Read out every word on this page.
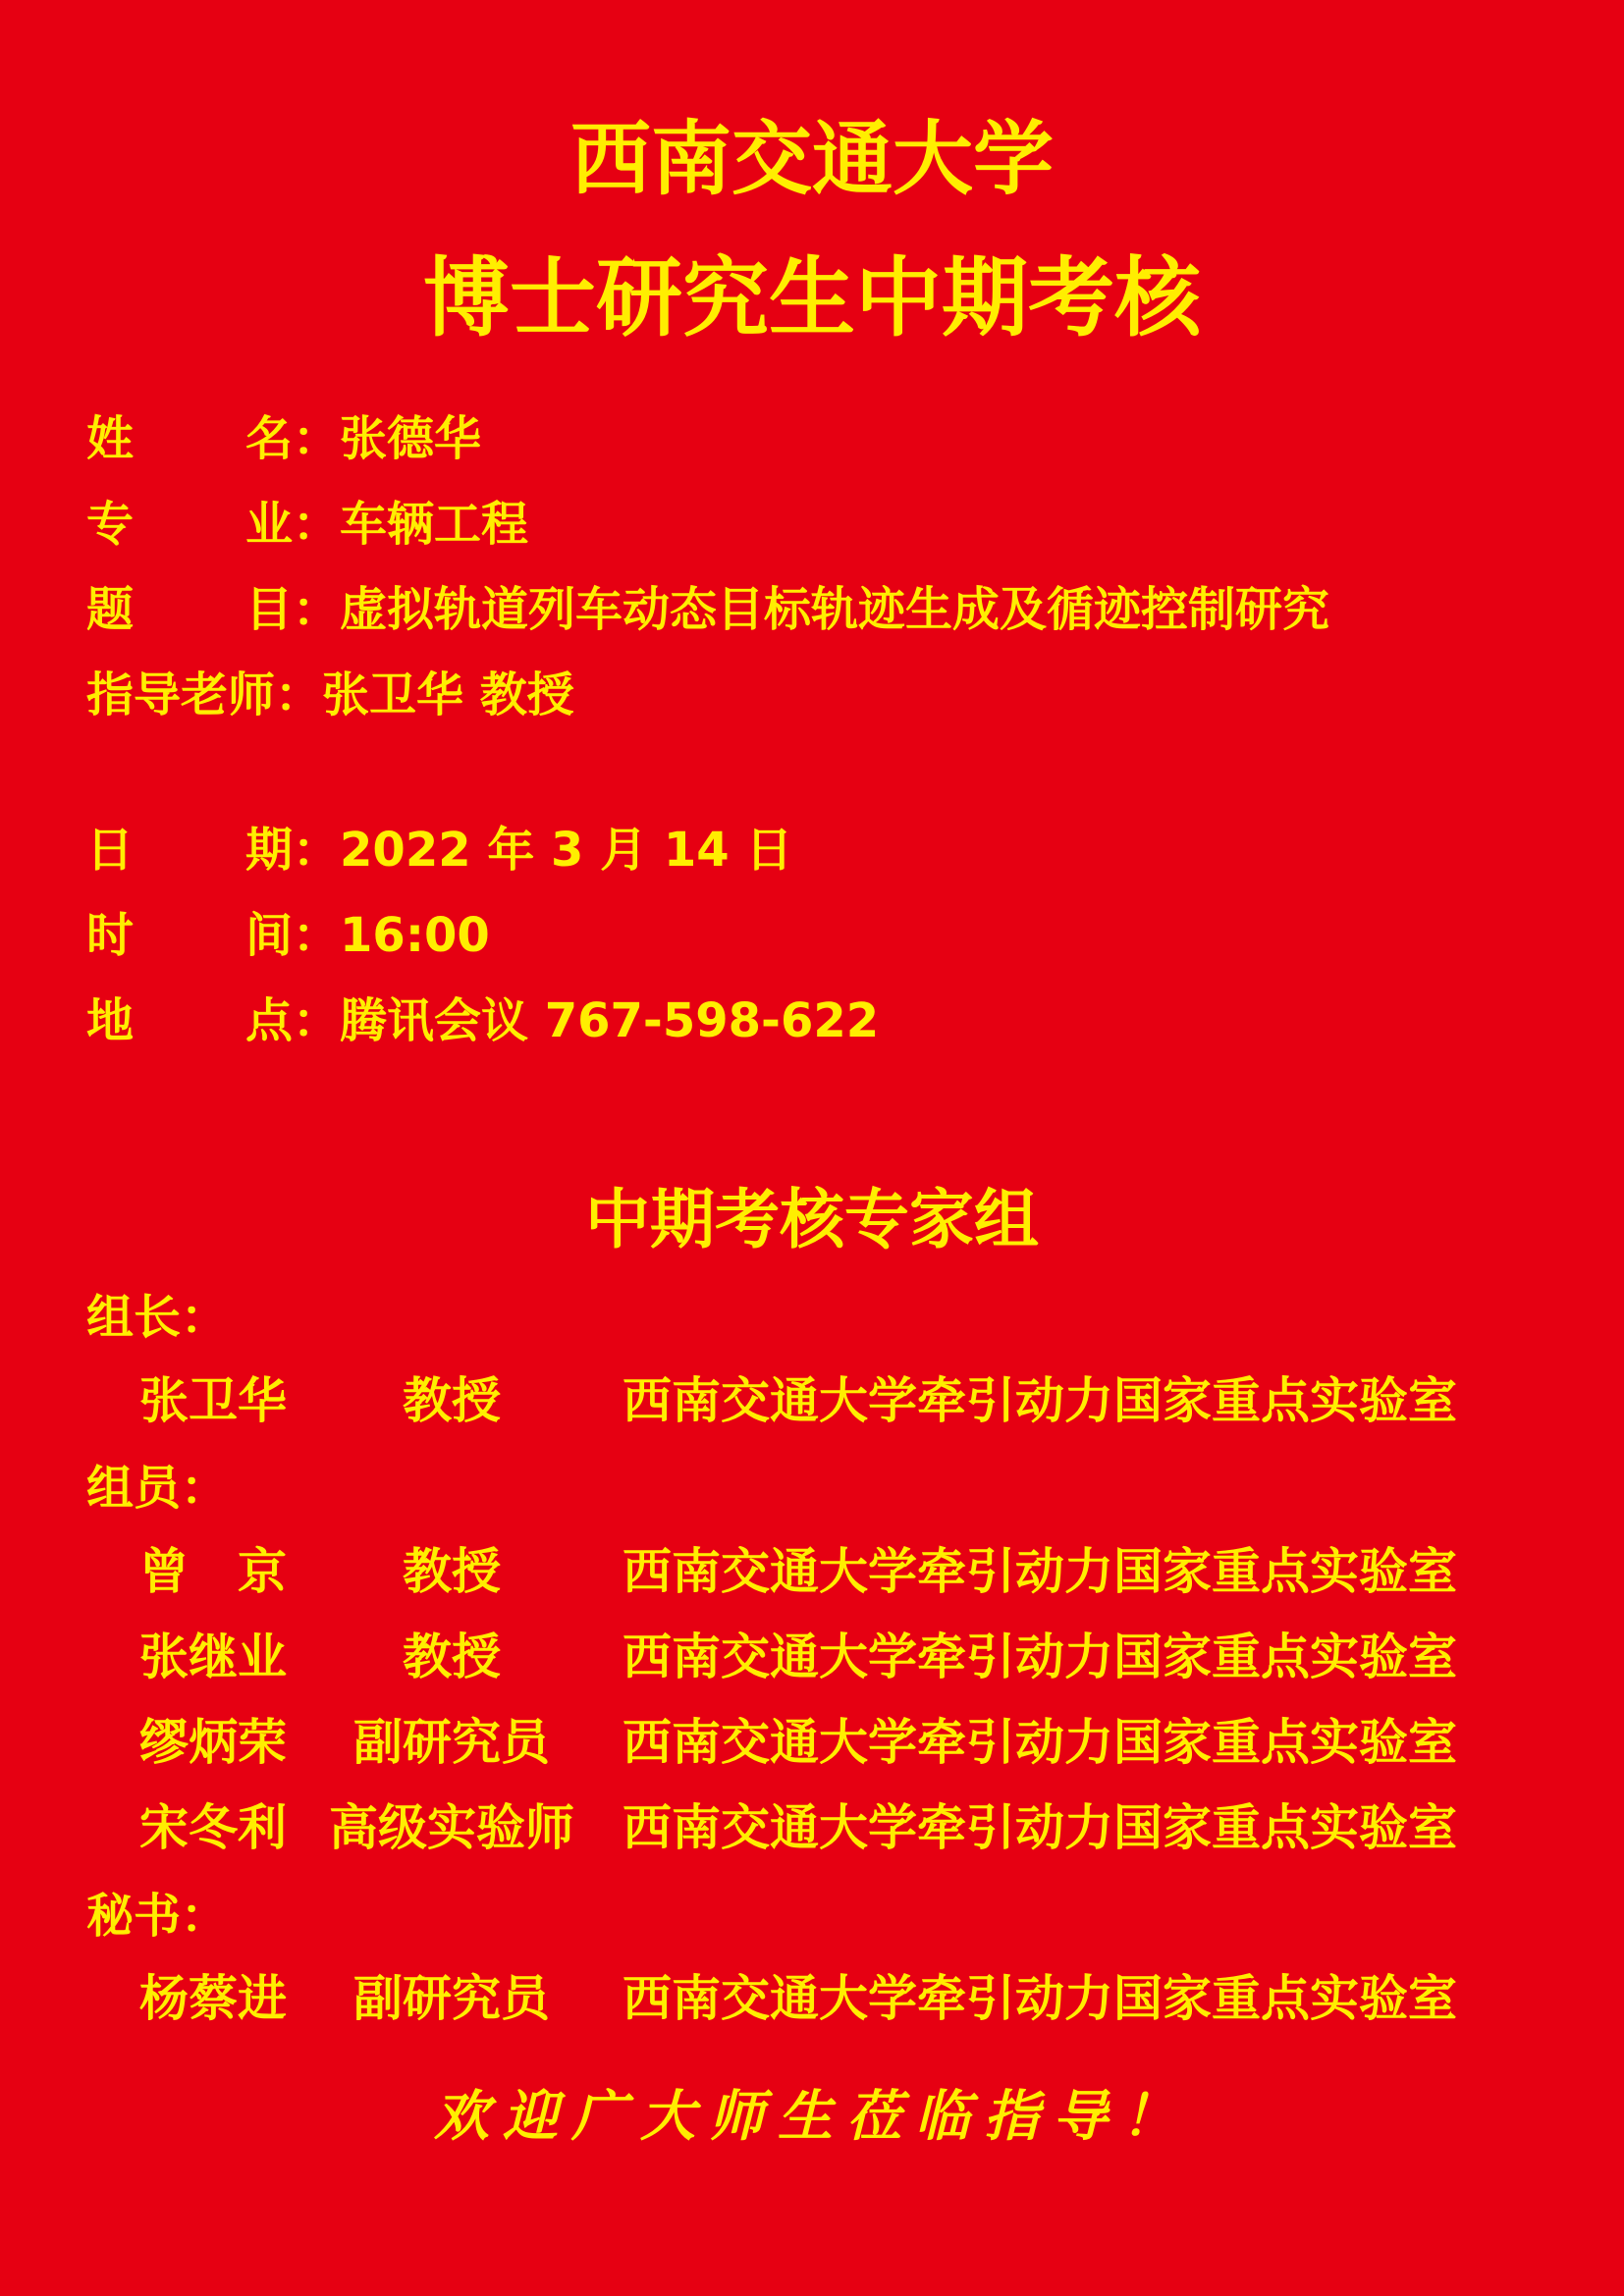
西南交通大学
博士研究生中期考核
姓	名： 张德华
专	业： 车辆工程
题	目： 虚拟轨道列车动态目标轨迹生成及循迹控制研究
指导老师： 张卫华 教授
日	期： 2022 年 3 月 14 日
时	间： 16:00
地	点： 腾讯会议 767-598-622
中期考核专家组
组长：
张卫华	教授	西南交通大学牵引动力国家重点实验室
组员：
曾　京	教授	西南交通大学牵引动力国家重点实验室
张继业	教授	西南交通大学牵引动力国家重点实验室
缪炳荣	副研究员	西南交通大学牵引动力国家重点实验室
宋冬利 高级实验师 西南交通大学牵引动力国家重点实验室
秘书：
杨蔡进	副研究员	西南交通大学牵引动力国家重点实验室
欢迎广大师生莅临指导！
